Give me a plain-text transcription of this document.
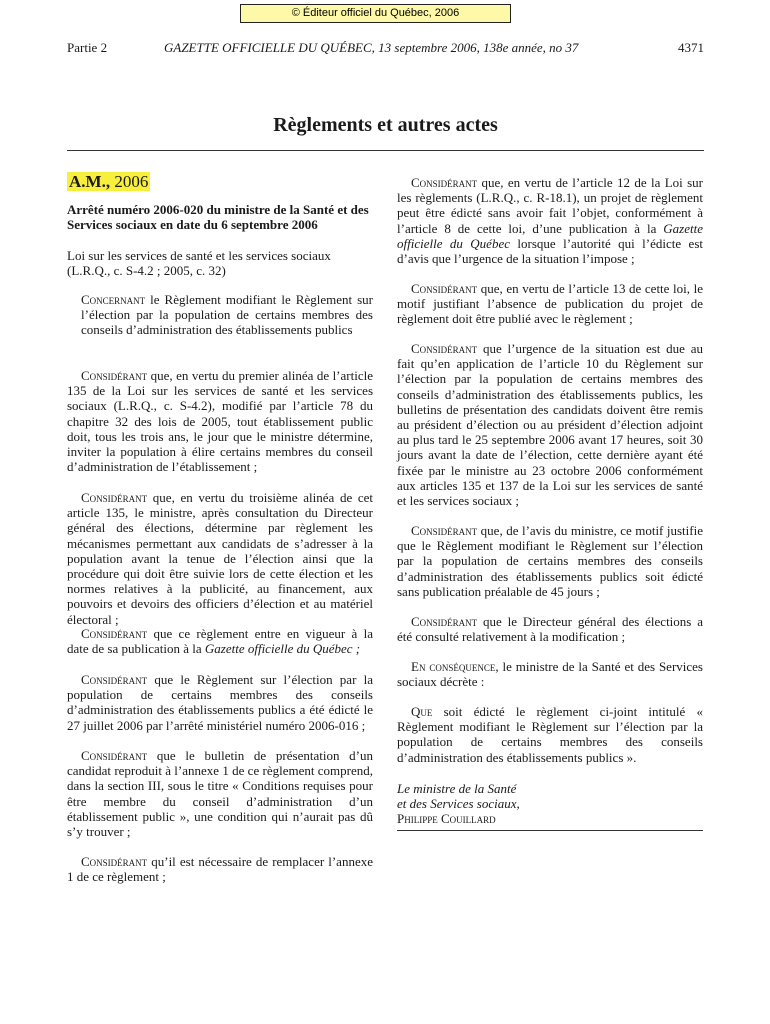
© Éditeur officiel du Québec, 2006
Partie 2	GAZETTE OFFICIELLE DU QUÉBEC, 13 septembre 2006, 138e année, no 37	4371
Règlements et autres actes
A.M., 2006
Arrêté numéro 2006-020 du ministre de la Santé et des Services sociaux en date du 6 septembre 2006
Loi sur les services de santé et les services sociaux (L.R.Q., c. S-4.2 ; 2005, c. 32)

Concernant le Règlement modifiant le Règlement sur l’élection par la population de certains membres des conseils d’administration des établissements publics

Considérant que, en vertu du premier alinéa de l’article 135 de la Loi sur les services de santé et les services sociaux (L.R.Q., c. S-4.2), modifié par l’article 78 du chapitre 32 des lois de 2005, tout établissement public doit, tous les trois ans, le jour que le ministre détermine, inviter la population à élire certains membres du conseil d’administration de l’établissement ;

Considérant que, en vertu du troisième alinéa de cet article 135, le ministre, après consultation du Directeur général des élections, détermine par règlement les mécanismes permettant aux candidats de s’adresser à la population avant la tenue de l’élection ainsi que la procédure qui doit être suivie lors de cette élection et les normes relatives à la publicité, au financement, aux pouvoirs et devoirs des officiers d’élection et au matériel électoral ;

Considérant que ce règlement entre en vigueur à la date de sa publication à la Gazette officielle du Québec ;

Considérant que le Règlement sur l’élection par la population de certains membres des conseils d’administration des établissements publics a été édicté le 27 juillet 2006 par l’arrêté ministériel numéro 2006-016 ;

Considérant que le bulletin de présentation d’un candidat reproduit à l’annexe 1 de ce règlement comprend, dans la section III, sous le titre « Conditions requises pour être membre du conseil d’administration d’un établissement public », une condition qui n’aurait pas dû s’y trouver ;

Considérant qu’il est nécessaire de remplacer l’annexe 1 de ce règlement ;

Considérant que, en vertu de l’article 12 de la Loi sur les règlements (L.R.Q., c. R-18.1), un projet de règlement peut être édicté sans avoir fait l’objet, conformément à l’article 8 de cette loi, d’une publication à la Gazette officielle du Québec lorsque l’autorité qui l’édicte est d’avis que l’urgence de la situation l’impose ;

Considérant que, en vertu de l’article 13 de cette loi, le motif justifiant l’absence de publication du projet de règlement doit être publié avec le règlement ;

Considérant que l’urgence de la situation est due au fait qu’en application de l’article 10 du Règlement sur l’élection par la population de certains membres des conseils d’administration des établissements publics, les bulletins de présentation des candidats doivent être remis au président d’élection ou au président d’élection adjoint au plus tard le 25 septembre 2006 avant 17 heures, soit 30 jours avant la date de l’élection, cette dernière ayant été fixée par le ministre au 23 octobre 2006 conformément aux articles 135 et 137 de la Loi sur les services de santé et les services sociaux ;

Considérant que, de l’avis du ministre, ce motif justifie que le Règlement modifiant le Règlement sur l’élection par la population de certains membres des conseils d’administration des établissements publics soit édicté sans publication préalable de 45 jours ;

Considérant que le Directeur général des élections a été consulté relativement à la modification ;

En conséquence, le ministre de la Santé et des Services sociaux décrète :

Que soit édicté le règlement ci-joint intitulé « Règlement modifiant le Règlement sur l’élection par la population de certains membres des conseils d’administration des établissements publics ».

Le ministre de la Santé
et des Services sociaux,
Philippe Couillard
